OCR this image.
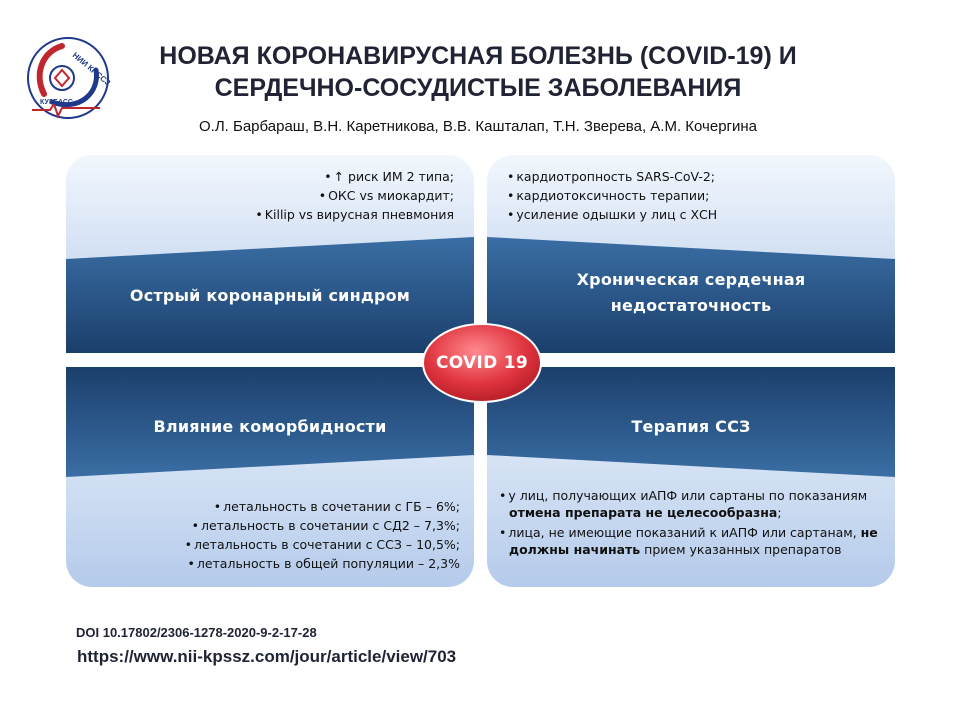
НИИ КПССЗ
КУЗБАСС
НОВАЯ КОРОНАВИРУСНАЯ БОЛЕЗНЬ (COVID-19) И
СЕРДЕЧНО-СОСУДИСТЫЕ ЗАБОЛЕВАНИЯ
О.Л. Барбараш, В.Н. Каретникова, В.В. Кашталап, Т.Н. Зверева, А.М. Кочергина
• ↑ риск ИМ 2 типа;
• ОКС vs миокардит;
• Killip vs вирусная пневмония
Острый коронарный синдром
• кардиотропность SARS-CoV-2;
• кардиотоксичность терапии;
• усиление одышки у лиц с ХСН
Хроническая сердечная
недостаточность
Влияние коморбидности
• летальность в сочетании с ГБ – 6%;
• летальность в сочетании с СД2 – 7,3%;
• летальность в сочетании с ССЗ – 10,5%;
• летальность в общей популяции – 2,3%
Терапия ССЗ
• у лиц, получающих иАПФ или сартаны по показаниям отмена препарата не целесообразна;
• лица, не имеющие показаний к иАПФ или сартанам, не должны начинать прием указанных препаратов
COVID 19
DOI 10.17802/2306-1278-2020-9-2-17-28
https://www.nii-kpssz.com/jour/article/view/703
